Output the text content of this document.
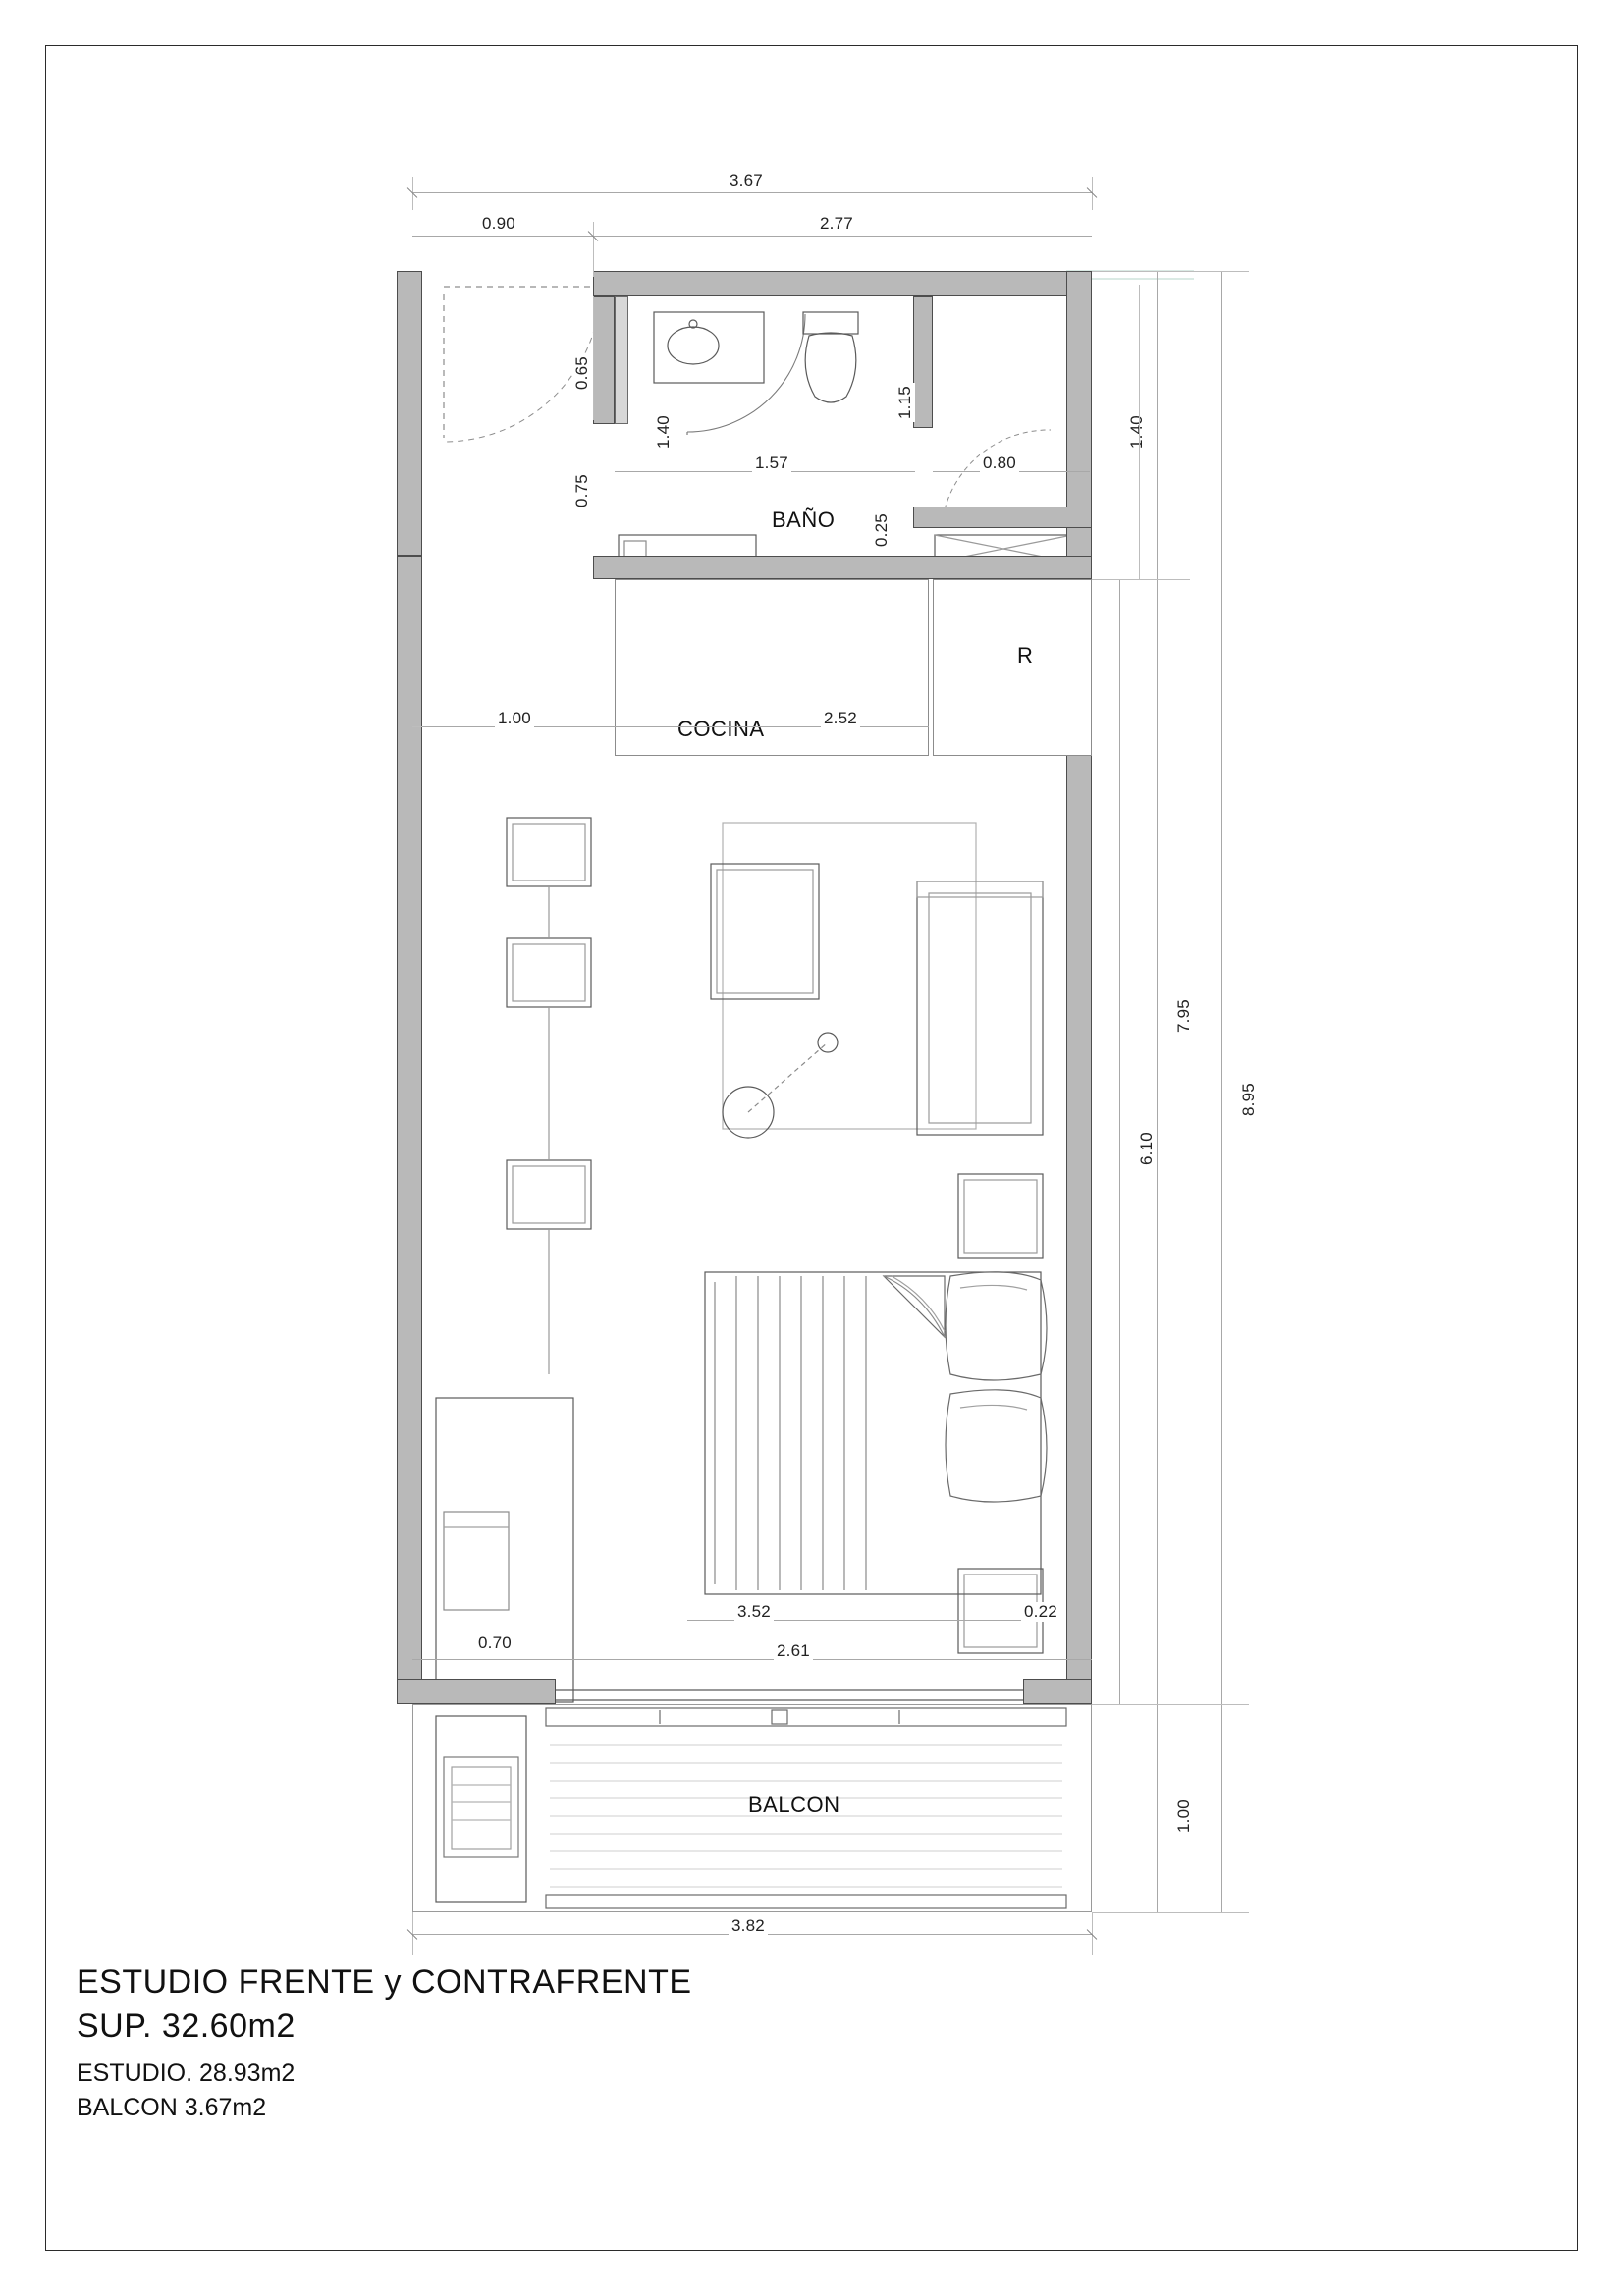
BAÑO
COCINA
R
BALCON
3.67
0.90	2.77
0.65
0.75
1.40
1.15
1.40
1.57	0.80
0.25
1.00	2.52
7.95
8.95
6.10
1.00
3.52
2.61
0.70
0.22
3.82
ESTUDIO FRENTE y CONTRAFRENTE
SUP. 32.60m2
ESTUDIO. 28.93m2
BALCON 3.67m2
